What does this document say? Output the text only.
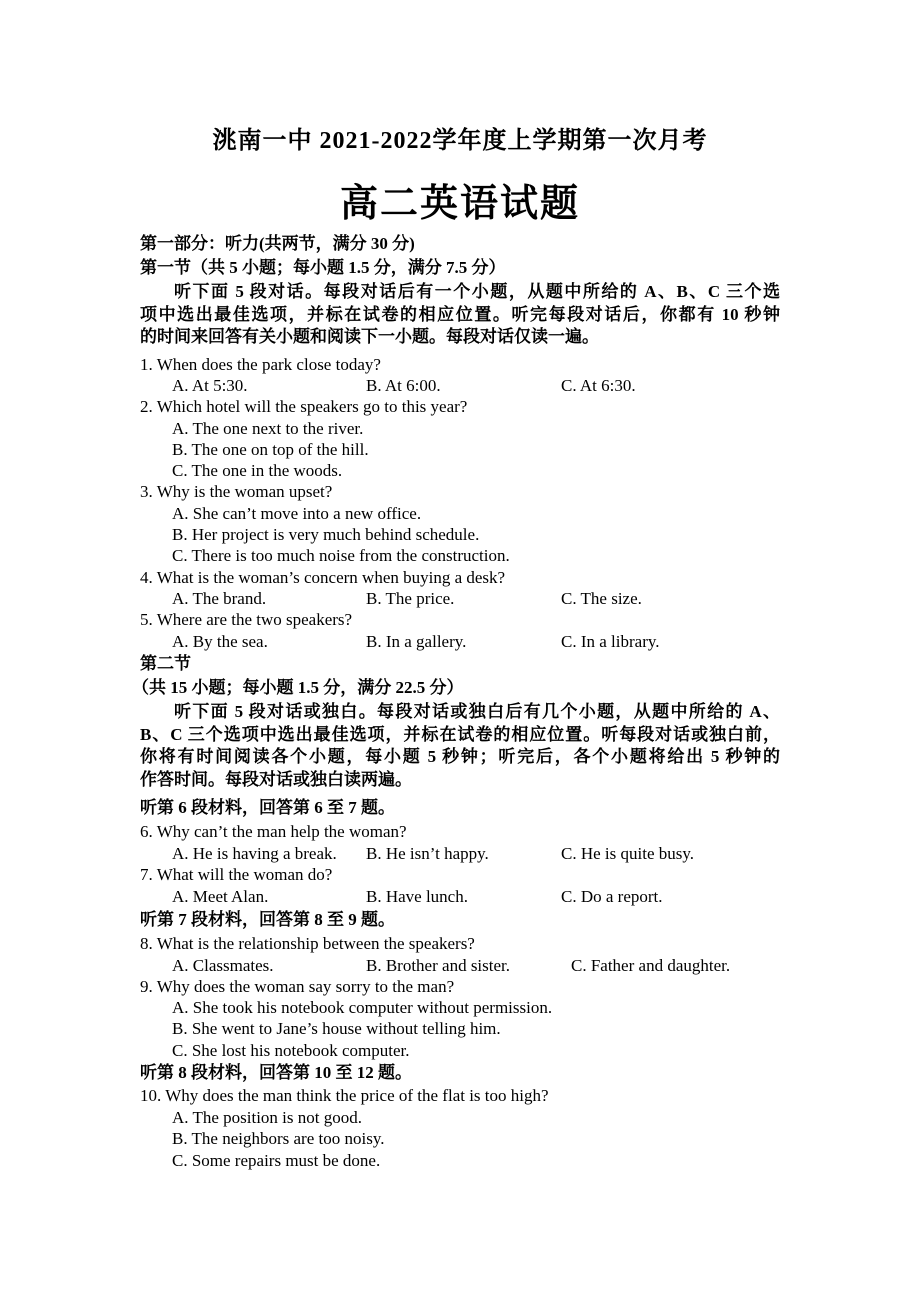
洮南一中 2021-2022学年度上学期第一次月考
高二英语试题
第一部分：听力(共两节，满分 30 分)
第一节（共 5 小题；每小题 1.5 分，满分 7.5 分）
听下面 5 段对话。每段对话后有一个小题，从题中所给的 A、B、C 三个选
项中选出最佳选项，并标在试卷的相应位置。听完每段对话后，你都有 10 秒钟
的时间来回答有关小题和阅读下一小题。每段对话仅读一遍。
1. When does the park close today?
A. At 5:30.	B. At 6:00.	C. At 6:30.
2. Which hotel will the speakers go to this year?
A. The one next to the river.
B. The one on top of the hill.
C. The one in the woods.
3. Why is the woman upset?
A. She can’t move into a new office.
B. Her project is very much behind schedule.
C. There is too much noise from the construction.
4. What is the woman’s concern when buying a desk?
A. The brand.	B. The price.	C. The size.
5. Where are the two speakers?
A. By the sea.	B. In a gallery.	C. In a library.
第二节
（共 15 小题；每小题 1.5 分，满分 22.5 分）
听下面 5 段对话或独白。每段对话或独白后有几个小题，从题中所给的 A、
B、C 三个选项中选出最佳选项，并标在试卷的相应位置。听每段对话或独白前，
你将有时间阅读各个小题，每小题 5 秒钟；听完后，各个小题将给出 5 秒钟的
作答时间。每段对话或独白读两遍。
听第 6 段材料，回答第 6 至 7 题。
6. Why can’t the man help the woman?
A. He is having a break. B. He isn’t happy.	C. He is quite busy.
7. What will the woman do?
A. Meet Alan.	B. Have lunch.	C. Do a report.
听第 7 段材料，回答第 8 至 9 题。
8. What is the relationship between the speakers?
A. Classmates.	B. Brother and sister.	C. Father and daughter.
9. Why does the woman say sorry to the man?
A. She took his notebook computer without permission.
B. She went to Jane’s house without telling him.
C. She lost his notebook computer.
听第 8 段材料，回答第 10 至 12 题。
10. Why does the man think the price of the flat is too high?
A. The position is not good.
B. The neighbors are too noisy.
C. Some repairs must be done.
